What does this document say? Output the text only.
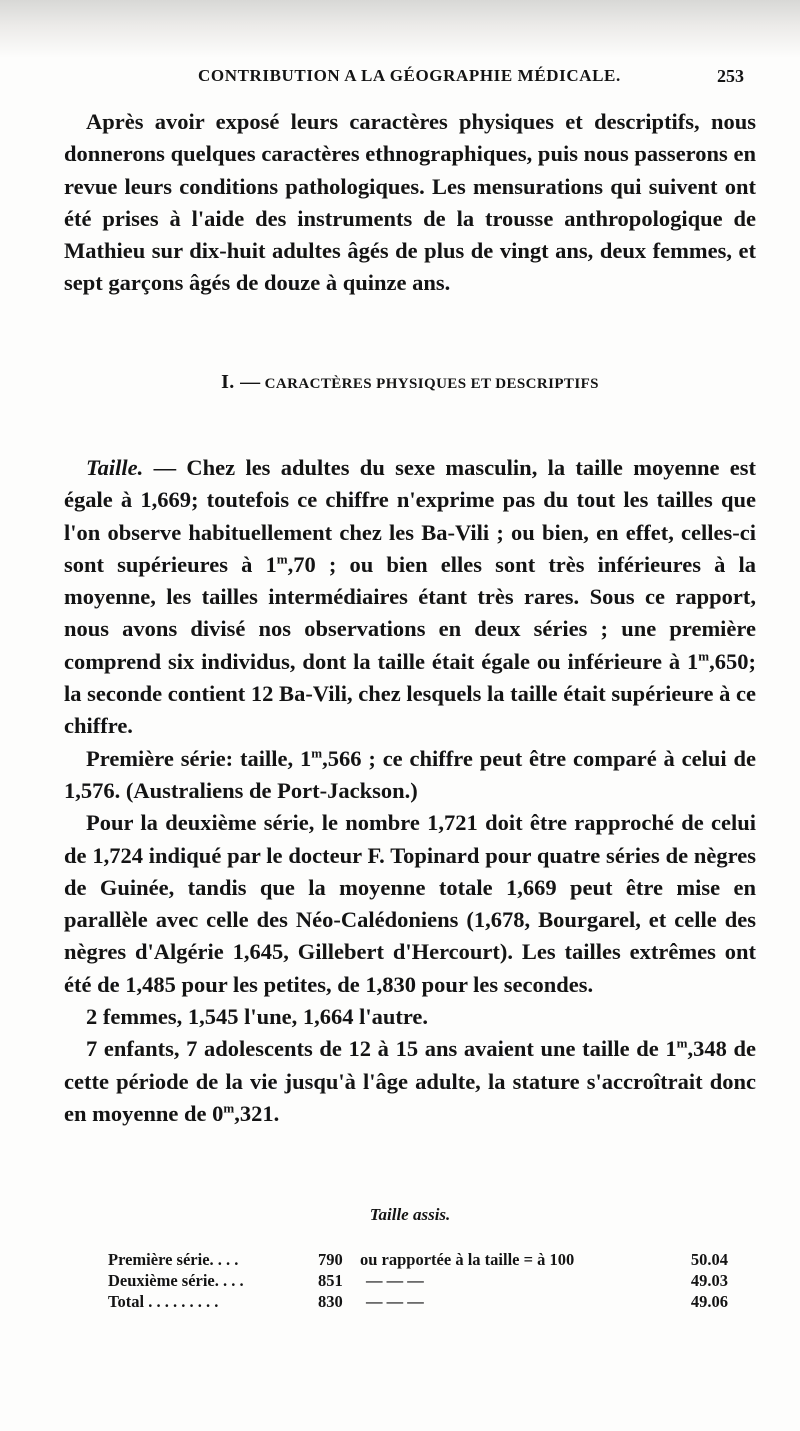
CONTRIBUTION A LA GÉOGRAPHIE MÉDICALE.	253

Après avoir exposé leurs caractères physiques et descriptifs, nous donnerons quelques caractères ethnographiques, puis nous passerons en revue leurs conditions pathologiques. Les mensurations qui suivent ont été prises à l'aide des instruments de la trousse anthropologique de Mathieu sur dix-huit adultes âgés de plus de vingt ans, deux femmes, et sept garçons âgés de douze à quinze ans.

I. — CARACTÈRES PHYSIQUES ET DESCRIPTIFS

Taille. — Chez les adultes du sexe masculin, la taille moyenne est égale à 1,669; toutefois ce chiffre n'exprime pas du tout les tailles que l'on observe habituellement chez les Ba-Vili ; ou bien, en effet, celles-ci sont supérieures à 1$^m$,70 ; ou bien elles sont très inférieures à la moyenne, les tailles intermédiaires étant très rares. Sous ce rapport, nous avons divisé nos observations en deux séries ; une première comprend six individus, dont la taille était égale ou inférieure à 1$^m$,650; la seconde contient 12 Ba-Vili, chez lesquels la taille était supérieure à ce chiffre.

Première série: taille, 1$^m$,566 ; ce chiffre peut être comparé à celui de 1,576. (Australiens de Port-Jackson.)

Pour la deuxième série, le nombre 1,721 doit être rapproché de celui de 1,724 indiqué par le docteur F. Topinard pour quatre séries de nègres de Guinée, tandis que la moyenne totale 1,669 peut être mise en parallèle avec celle des Néo-Calédoniens (1,678, Bourgarel, et celle des nègres d'Algérie 1,645, Gillebert d'Hercourt). Les tailles extrêmes ont été de 1,485 pour les petites, de 1,830 pour les secondes.

2 femmes, 1,545 l'une, 1,664 l'autre.

7 enfants, 7 adolescents de 12 à 15 ans avaient une taille de 1$^m$,348 de cette période de la vie jusqu'à l'âge adulte, la stature s'accroîtrait donc en moyenne de 0$^m$,321.

Taille assis.
Première série. . . .	790 ou rapportée à la taille = à 100	50.04
Deuxième série. . . .	851 — — —	49.03
Total . . . . . . . . .	830 — — —	49.06
